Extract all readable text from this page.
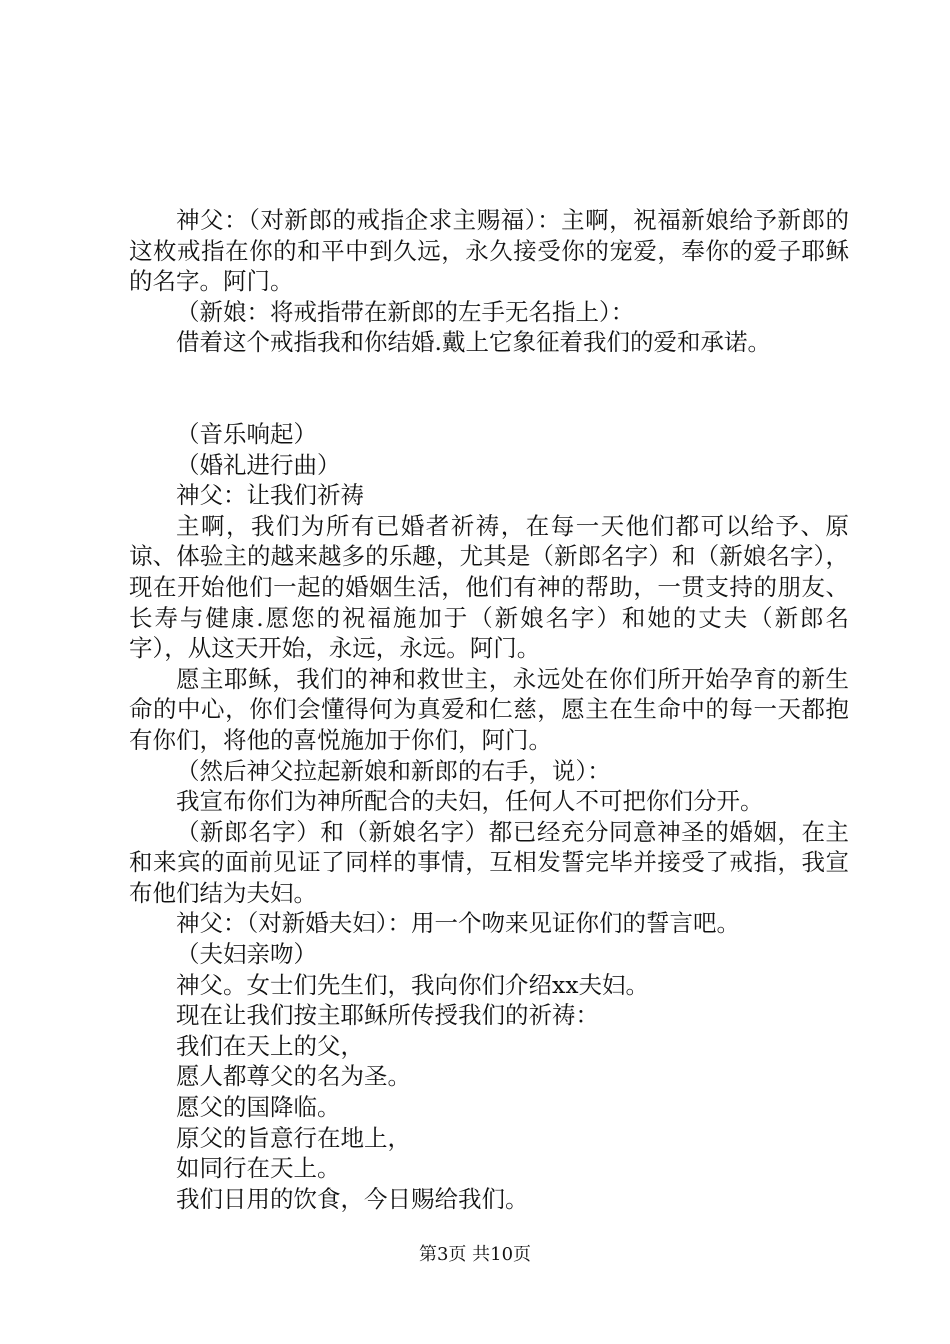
神父：（对新郎的戒指企求主赐福）：主啊，祝福新娘给予新郎的这枚戒指在你的和平中到久远，永久接受你的宠爱，奉你的爱子耶稣的名字。阿门。

（新娘：将戒指带在新郎的左手无名指上）：

借着这个戒指我和你结婚.戴上它象征着我们的爱和承诺。

（音乐响起）

（婚礼进行曲）

神父：让我们祈祷

主啊，我们为所有已婚者祈祷，在每一天他们都可以给予、原谅、体验主的越来越多的乐趣，尤其是（新郎名字）和（新娘名字），现在开始他们一起的婚姻生活，他们有神的帮助，一贯支持的朋友、长寿与健康.愿您的祝福施加于（新娘名字）和她的丈夫（新郎名字），从这天开始，永远，永远。阿门。

愿主耶稣，我们的神和救世主，永远处在你们所开始孕育的新生命的中心，你们会懂得何为真爱和仁慈，愿主在生命中的每一天都抱有你们，将他的喜悦施加于你们，阿门。

（然后神父拉起新娘和新郎的右手，说）：

我宣布你们为神所配合的夫妇，任何人不可把你们分开。

（新郎名字）和（新娘名字）都已经充分同意神圣的婚姻，在主和来宾的面前见证了同样的事情，互相发誓完毕并接受了戒指，我宣布他们结为夫妇。

神父：（对新婚夫妇）：用一个吻来见证你们的誓言吧。

（夫妇亲吻）

神父。女士们先生们，我向你们介绍xx夫妇。

现在让我们按主耶稣所传授我们的祈祷：

我们在天上的父，

愿人都尊父的名为圣。

愿父的国降临。

原父的旨意行在地上，

如同行在天上。

我们日用的饮食，今日赐给我们。

第3页 共10页
